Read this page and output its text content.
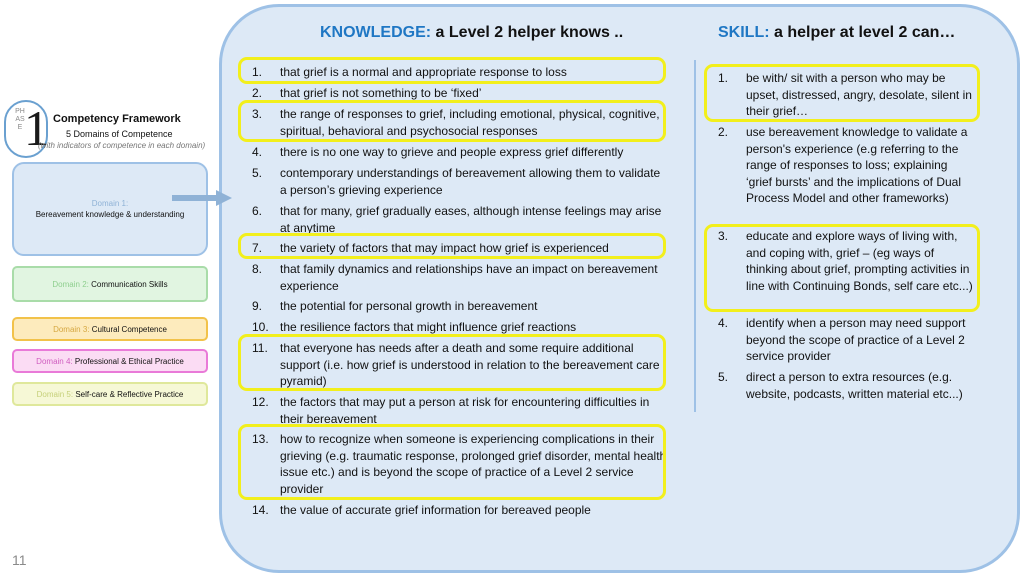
PHASE 1 Competency Framework
5 Domains of Competence
(with indicators of competence in each domain)
Domain 1:
Bereavement knowledge & understanding
Domain 2:
Communication Skills
Domain 3:
Cultural Competence
Domain 4:
Professional & Ethical Practice
Domain 5:
Self-care & Reflective Practice
KNOWLEDGE: a Level 2 helper knows ..	SKILL: a helper at level 2 can…
1.	that grief is a normal and appropriate response to loss
2.	that grief is not something to be ‘fixed’
3.	the range of responses to grief, including emotional, physical, cognitive, spiritual, behavioral and psychosocial responses
4.	there is no one way to grieve and people express grief differently
5.	contemporary understandings of bereavement allowing them to validate a person’s grieving experience
6.	that for many, grief gradually eases, although intense feelings may arise at anytime
7.	the variety of factors that may impact how grief is experienced
8.	that family dynamics and relationships have an impact on bereavement experience
9.	the potential for personal growth in bereavement
10. the resilience factors that might influence grief reactions
11.	that everyone has needs after a death and some require additional support (i.e. how grief is understood in relation to the bereavement care pyramid)
12. the factors that may put a person at risk for encountering difficulties in their bereavement
13. how to recognize when someone is experiencing complications in their grieving (e.g. traumatic response, prolonged grief disorder, mental health issue etc.) and is beyond the scope of practice of a Level 2 service provider
14. the value of accurate grief information for bereaved people
1.	be with/ sit with a person who may be upset, distressed, angry, desolate, silent in their grief…
2.	use bereavement knowledge to validate a person's experience (e.g referring to the range of responses to loss; explaining ‘grief bursts’ and the implications of Dual Process Model and other frameworks)
3.	educate and explore ways of living with, and coping with, grief – (eg ways of thinking about grief, prompting activities in line with Continuing Bonds, self care etc...)
4.	identify when a person may need support beyond the scope of practice of a Level 2 service provider
5.	direct a person to extra resources (e.g. website, podcasts, written material etc...)
11
